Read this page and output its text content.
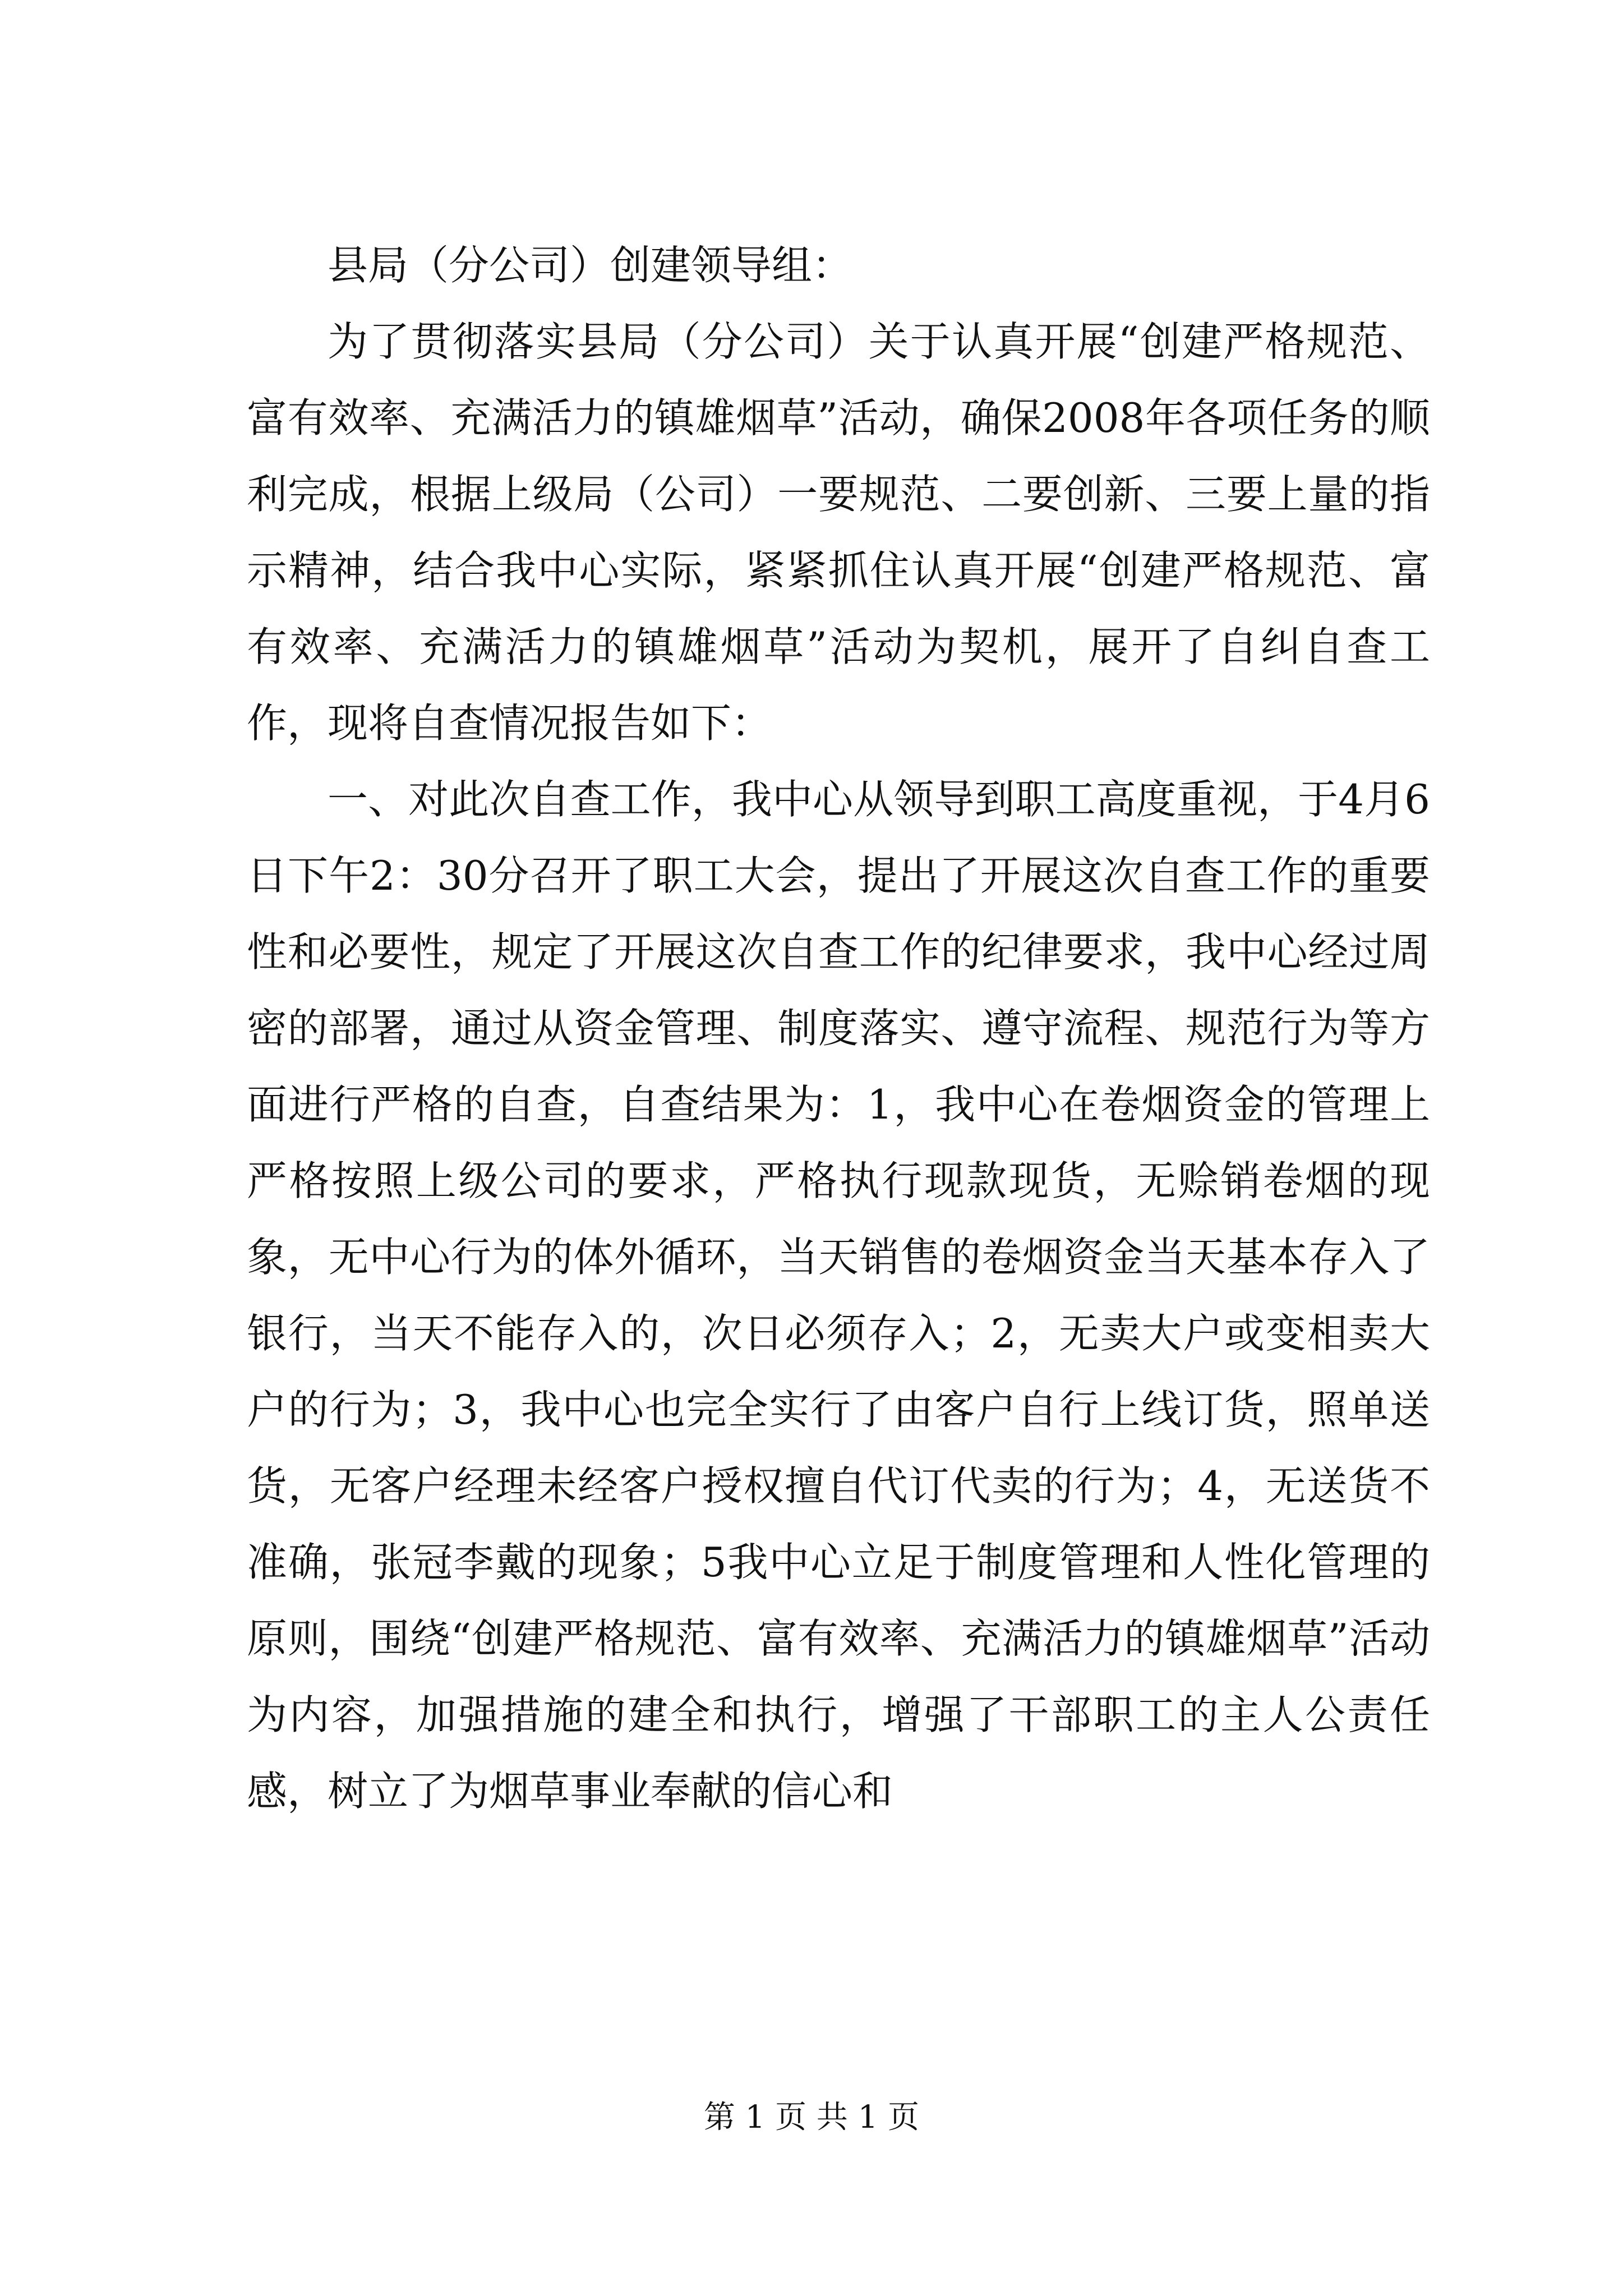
县局（分公司）创建领导组：

为了贯彻落实县局（分公司）关于认真开展“创建严格规范、富有效率、充满活力的镇雄烟草”活动，确保2008年各项任务的顺利完成，根据上级局（公司）一要规范、二要创新、三要上量的指示精神，结合我中心实际，紧紧抓住认真开展“创建严格规范、富有效率、充满活力的镇雄烟草”活动为契机，展开了自纠自查工作，现将自查情况报告如下：

一、对此次自查工作，我中心从领导到职工高度重视，于4月6日下午2：30分召开了职工大会，提出了开展这次自查工作的重要性和必要性，规定了开展这次自查工作的纪律要求，我中心经过周密的部署，通过从资金管理、制度落实、遵守流程、规范行为等方面进行严格的自查，自查结果为：1，我中心在卷烟资金的管理上严格按照上级公司的要求，严格执行现款现货，无赊销卷烟的现象，无中心行为的体外循环，当天销售的卷烟资金当天基本存入了银行，当天不能存入的，次日必须存入；2，无卖大户或变相卖大户的行为；3，我中心也完全实行了由客户自行上线订货，照单送货，无客户经理未经客户授权擅自代订代卖的行为；4，无送货不准确，张冠李戴的现象；5我中心立足于制度管理和人性化管理的原则，围绕“创建严格规范、富有效率、充满活力的镇雄烟草”活动为内容，加强措施的建全和执行，增强了干部职工的主人公责任感，树立了为烟草事业奉献的信心和

第 1 页 共 1 页
